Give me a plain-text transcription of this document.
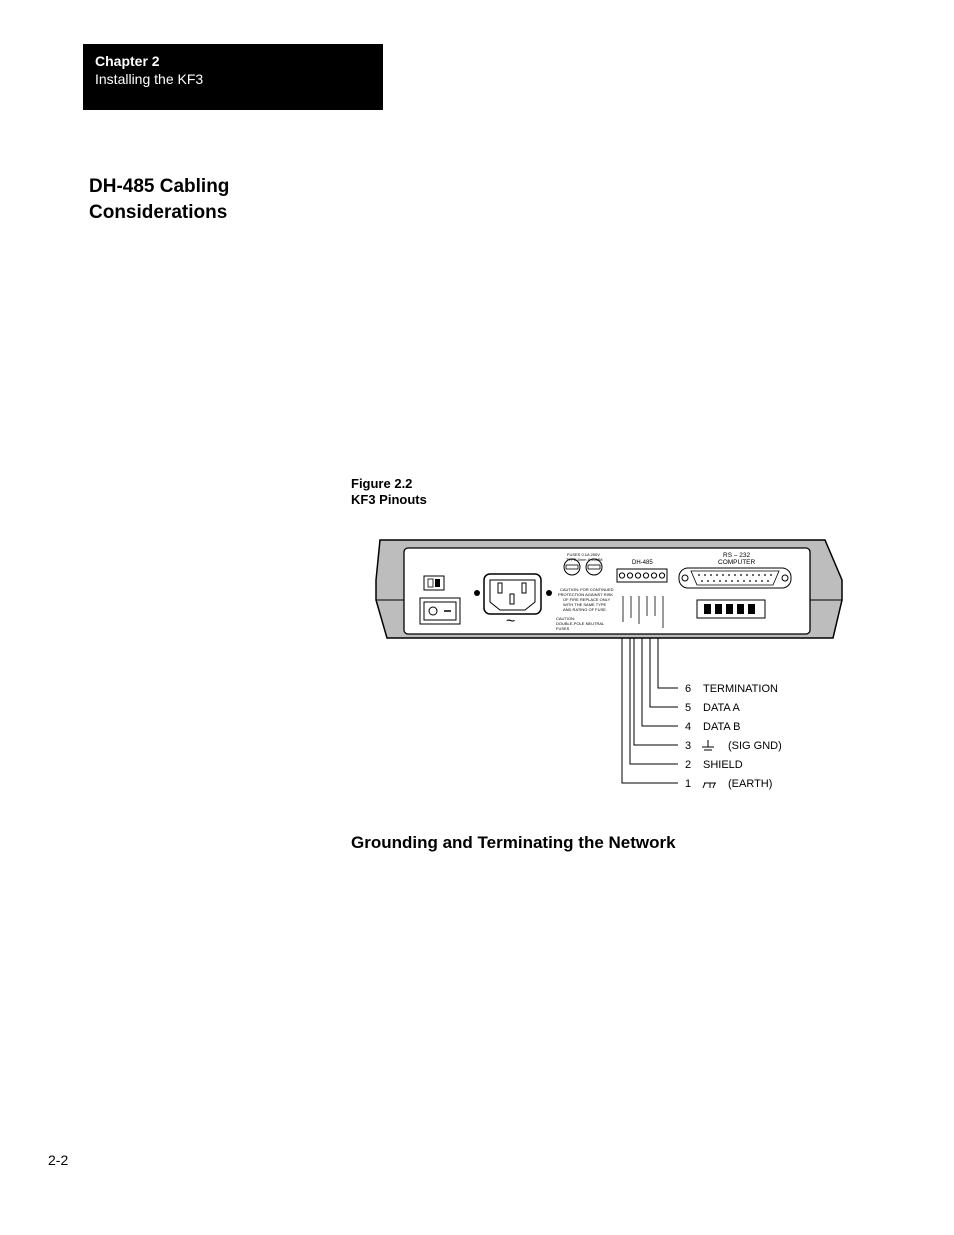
Chapter 2
Installing the KF3
DH-485 Cabling
Considerations
Figure 2.2
KF3 Pinouts
~
FUSES 0.1A 250V
TYPE 5mm X 20MM
CAUTION: FOR CONTINUED
PROTECTION AGAINST RISK
OF FIRE REPLACE ONLY
WITH THE SAME TYPE
AND RATING OF FUSE.
CAUTION:
DOUBLE-POLE NEUTRAL
FUSES
DH-485
RS – 232
COMPUTER
6 TERMINATION
5 DATA A
4 DATA B
3	(SIG GND)
2 SHIELD
1	(EARTH)
Grounding and Terminating the Network
2-2
